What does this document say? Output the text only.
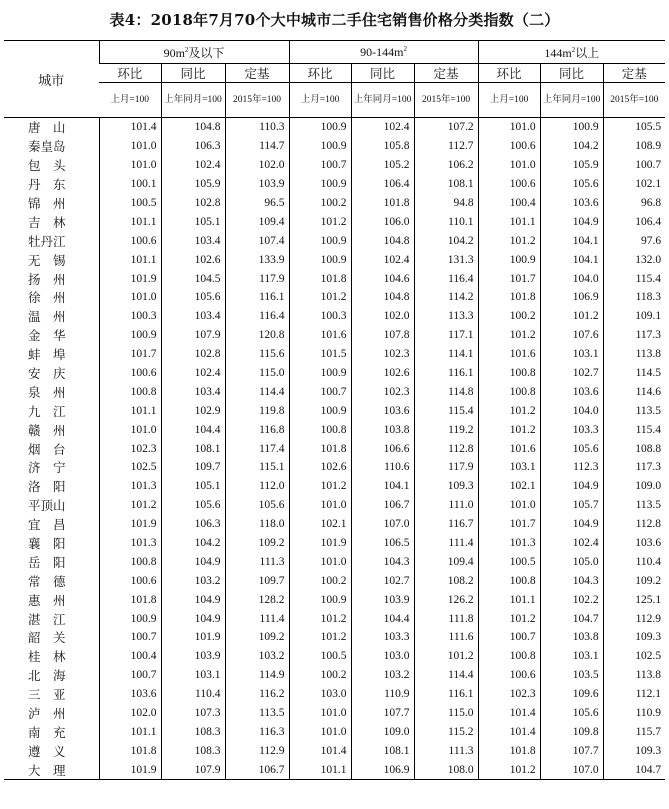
表4：2018年7月70个大中城市二手住宅销售价格分类指数（二）
城市	$90m^2$及以下			$90-144m^2$			$144m^2$以上		
	环比	同比	定基	环比	同比	定基	环比	同比	定基
	上月=100	上年同月=100	2015年=100	上月=100	上年同月=100	2015年=100	上月=100	上年同月=100	2015年=100
唐　山	101.4	104.8	110.3	100.9	102.4	107.2	101.0	100.9	105.5
秦皇岛	101.0	106.3	114.7	100.9	105.8	112.7	100.6	104.2	108.9
包　头	101.0	102.4	102.0	100.7	105.2	106.2	101.0	105.9	100.7
丹　东	100.1	105.9	103.9	100.9	106.4	108.1	100.6	105.6	102.1
锦　州	100.5	102.8	96.5	100.2	101.8	94.8	100.4	103.6	96.8
吉　林	101.1	105.1	109.4	101.2	106.0	110.1	101.1	104.9	106.4
牡丹江	100.6	103.4	107.4	100.9	104.8	104.2	101.2	104.1	97.6
无　锡	101.1	102.6	133.9	100.9	102.4	131.3	100.9	104.1	132.0
扬　州	101.9	104.5	117.9	101.8	104.6	116.4	101.7	104.0	115.4
徐　州	101.0	105.6	116.1	101.2	104.8	114.2	101.8	106.9	118.3
温　州	100.3	103.4	116.4	100.3	102.0	113.3	100.2	101.2	109.1
金　华	100.9	107.9	120.8	101.6	107.8	117.1	101.2	107.6	117.3
蚌　埠	101.7	102.8	115.6	101.5	102.3	114.1	101.6	103.1	113.8
安　庆	100.6	102.4	115.0	100.9	102.6	116.1	100.8	102.7	114.5
泉　州	100.8	103.4	114.4	100.7	102.3	114.8	100.8	103.6	114.6
九　江	101.1	102.9	119.8	100.9	103.6	115.4	101.2	104.0	113.5
赣　州	101.0	104.4	116.8	100.8	103.8	119.2	101.2	103.3	115.4
烟　台	102.3	108.1	117.4	101.8	106.6	112.8	101.6	105.6	108.8
济　宁	102.5	109.7	115.1	102.6	110.6	117.9	103.1	112.3	117.3
洛　阳	101.3	105.1	112.0	101.2	104.1	109.3	102.1	104.9	109.0
平顶山	101.2	105.6	105.6	101.0	106.7	111.0	101.0	105.7	113.5
宜　昌	101.9	106.3	118.0	102.1	107.0	116.7	101.7	104.9	112.8
襄　阳	101.3	104.2	109.2	101.9	106.5	111.4	101.3	102.4	103.6
岳　阳	100.8	104.9	111.3	101.0	104.3	109.4	100.5	105.0	110.4
常　德	100.6	103.2	109.7	100.2	102.7	108.2	100.8	104.3	109.2
惠　州	101.8	104.9	128.2	100.9	103.9	126.2	101.1	102.2	125.1
湛　江	100.9	104.9	111.4	101.2	104.4	111.8	101.2	104.7	112.9
韶　关	100.7	101.9	109.2	101.2	103.3	111.6	100.7	103.8	109.3
桂　林	100.4	103.9	103.2	100.5	103.0	101.2	100.8	103.1	102.5
北　海	100.7	103.1	114.9	100.2	103.2	114.4	100.6	103.5	113.8
三　亚	103.6	110.4	116.2	103.0	110.9	116.1	102.3	109.6	112.1
泸　州	102.0	107.3	113.5	101.0	107.7	115.0	101.4	105.6	110.9
南　充	101.1	108.3	116.3	101.0	109.0	115.2	101.4	109.8	115.7
遵　义	101.8	108.3	112.9	101.4	108.1	111.3	101.8	107.7	109.3
大　理	101.9	107.9	106.7	101.1	106.9	108.0	101.2	107.0	104.7
